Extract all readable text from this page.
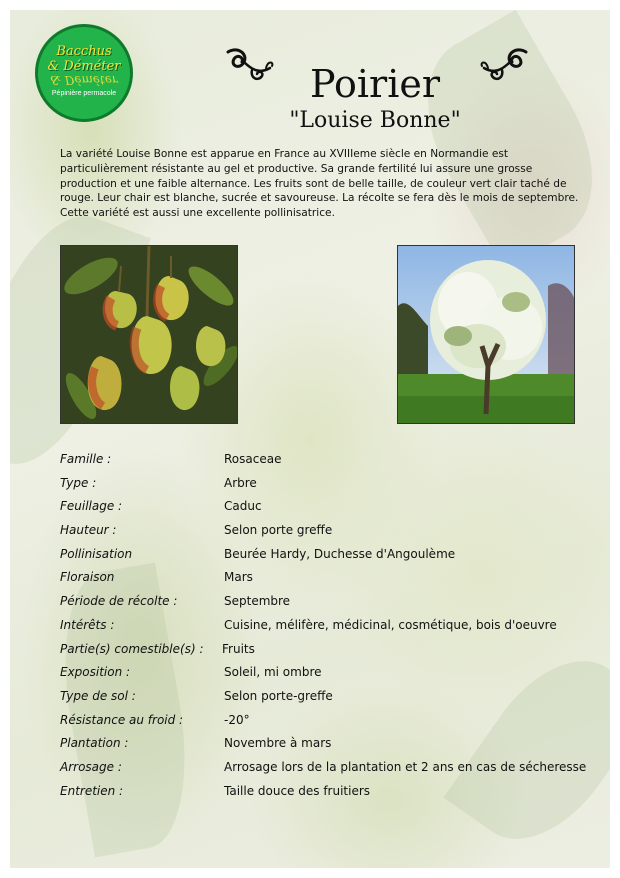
Bacchus
& Déméter
& Déméter
Pépinière permacole	Poirier
"Louise Bonne"

La variété Louise Bonne est apparue en France au XVIIIeme siècle en Normandie est particulièrement résistante au gel et productive. Sa grande fertilité lui assure une grosse production et une faible alternance. Les fruits sont de belle taille, de couleur vert clair taché de rouge. Leur chair est blanche, sucrée et savoureuse. La récolte se fera dès le mois de septembre.

Cette variété est aussi une excellente pollinisatrice.

Famille :	Rosaceae
Type :	Arbre
Feuillage :	Caduc
Hauteur :	Selon porte greffe
Pollinisation	Beurée Hardy, Duchesse d'Angoulème
Floraison	Mars
Période de récolte :	Septembre
Intérêts :	Cuisine, mélifère, médicinal, cosmétique, bois d'oeuvre
Partie(s) comestible(s) : Fruits
Exposition :	Soleil, mi ombre
Type de sol :	Selon porte-greffe
Résistance au froid :	-20°
Plantation :	Novembre à mars
Arrosage :	Arrosage lors de la plantation et 2 ans en cas de sécheresse
Entretien :	Taille douce des fruitiers
